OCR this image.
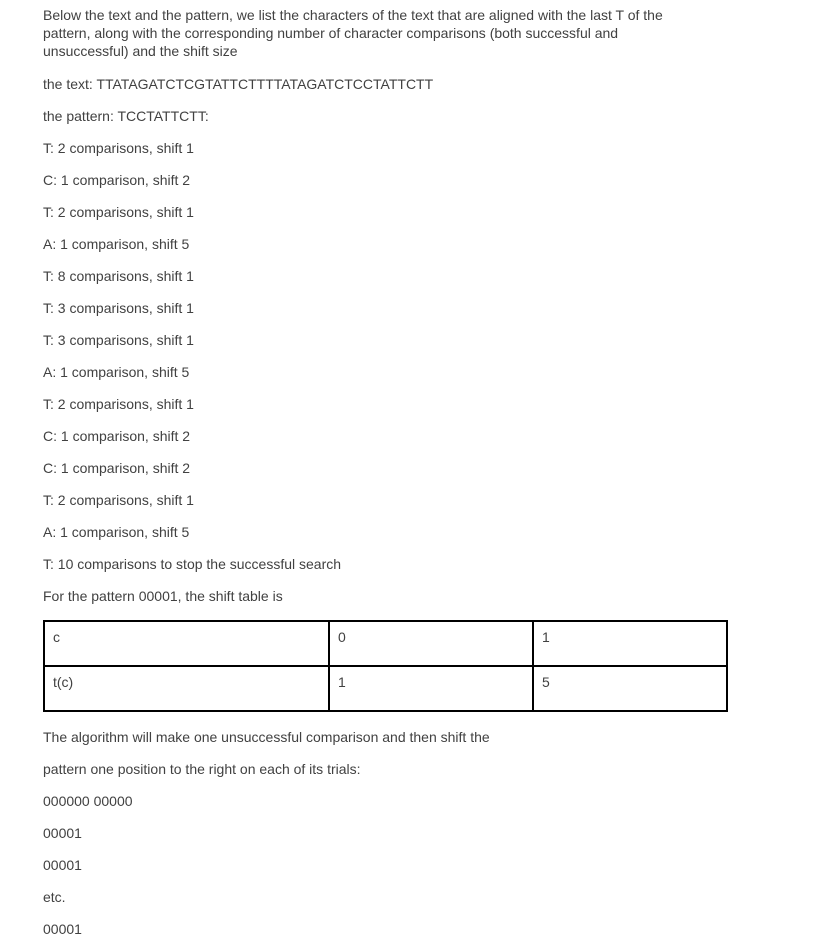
Below the text and the pattern, we list the characters of the text that are aligned with the last T of the
pattern, along with the corresponding number of character comparisons (both successful and
unsuccessful) and the shift size
the text: TTATAGATCTCGTATTCTTTTATAGATCTCCTATTCTT
the pattern: TCCTATTCTT:
T: 2 comparisons, shift 1
C: 1 comparison, shift 2
T: 2 comparisons, shift 1
A: 1 comparison, shift 5
T: 8 comparisons, shift 1
T: 3 comparisons, shift 1
T: 3 comparisons, shift 1
A: 1 comparison, shift 5
T: 2 comparisons, shift 1
C: 1 comparison, shift 2
C: 1 comparison, shift 2
T: 2 comparisons, shift 1
A: 1 comparison, shift 5
T: 10 comparisons to stop the successful search
For the pattern 00001, the shift table is
c	0	1
t(c)	1	5
The algorithm will make one unsuccessful comparison and then shift the
pattern one position to the right on each of its trials:
000000 00000
00001
00001
etc.
00001
